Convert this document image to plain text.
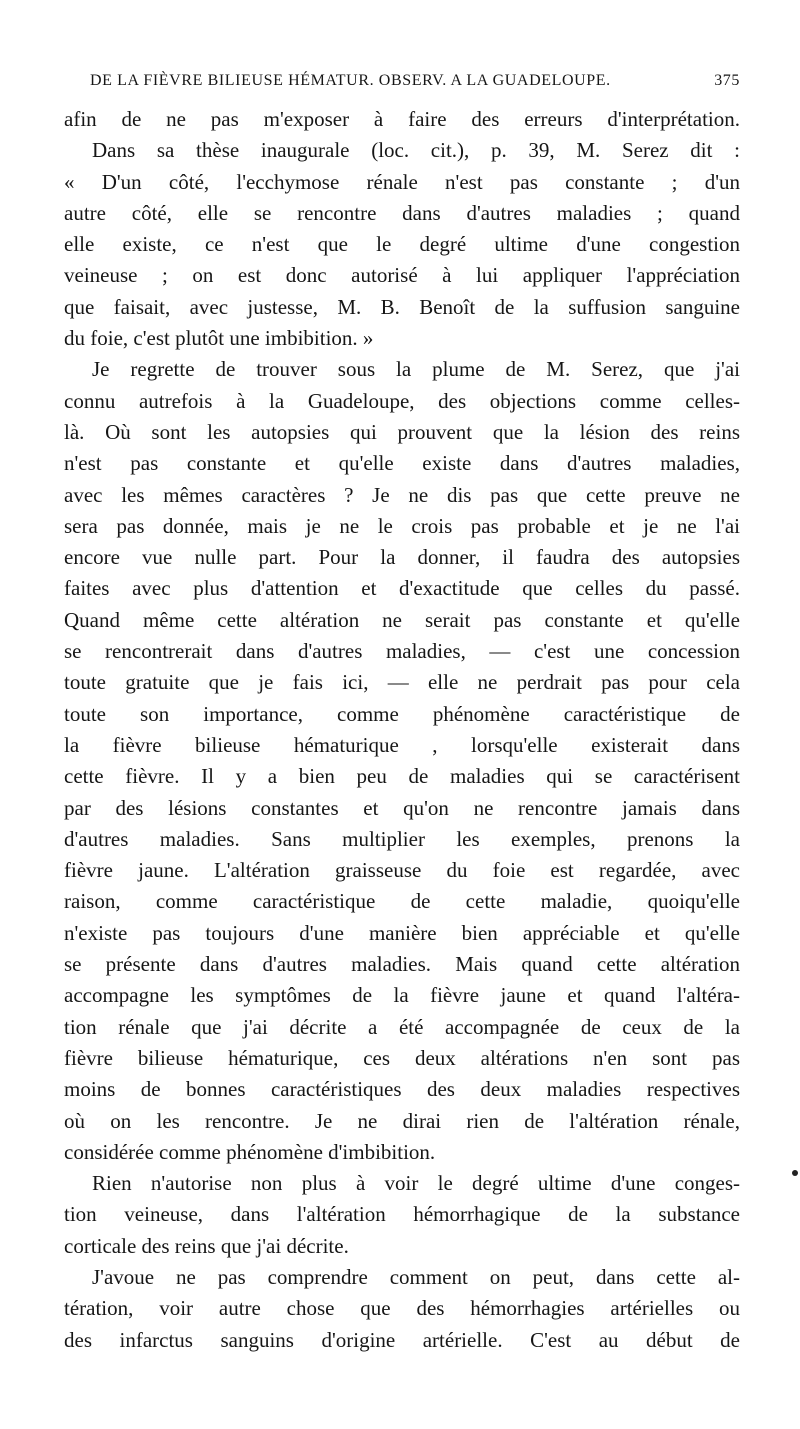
DE LA FIÈVRE BILIEUSE HÉMATUR. OBSERV. A LA GUADELOUPE.	375
afin de ne pas m'exposer à faire des erreurs d'interprétation.
Dans sa thèse inaugurale (loc. cit.), p. 39, M. Serez dit :
« D'un côté, l'ecchymose rénale n'est pas constante ; d'un
autre côté, elle se rencontre dans d'autres maladies ; quand
elle existe, ce n'est que le degré ultime d'une congestion
veineuse ; on est donc autorisé à lui appliquer l'appréciation
que faisait, avec justesse, M. B. Benoît de la suffusion sanguine
du foie, c'est plutôt une imbibition. »
Je regrette de trouver sous la plume de M. Serez, que j'ai
connu autrefois à la Guadeloupe, des objections comme celles-
là. Où sont les autopsies qui prouvent que la lésion des reins
n'est pas constante et qu'elle existe dans d'autres maladies,
avec les mêmes caractères ? Je ne dis pas que cette preuve ne
sera pas donnée, mais je ne le crois pas probable et je ne l'ai
encore vue nulle part. Pour la donner, il faudra des autopsies
faites avec plus d'attention et d'exactitude que celles du passé.
Quand même cette altération ne serait pas constante et qu'elle
se rencontrerait dans d'autres maladies, — c'est une concession
toute gratuite que je fais ici, — elle ne perdrait pas pour cela
toute son importance, comme phénomène caractéristique de
la fièvre bilieuse hématurique , lorsqu'elle existerait dans
cette fièvre. Il y a bien peu de maladies qui se caractérisent
par des lésions constantes et qu'on ne rencontre jamais dans
d'autres maladies. Sans multiplier les exemples, prenons la
fièvre jaune. L'altération graisseuse du foie est regardée, avec
raison, comme caractéristique de cette maladie, quoiqu'elle
n'existe pas toujours d'une manière bien appréciable et qu'elle
se présente dans d'autres maladies. Mais quand cette altération
accompagne les symptômes de la fièvre jaune et quand l'altéra-
tion rénale que j'ai décrite a été accompagnée de ceux de la
fièvre bilieuse hématurique, ces deux altérations n'en sont pas
moins de bonnes caractéristiques des deux maladies respectives
où on les rencontre. Je ne dirai rien de l'altération rénale,
considérée comme phénomène d'imbibition.
Rien n'autorise non plus à voir le degré ultime d'une conges-
tion veineuse, dans l'altération hémorrhagique de la substance
corticale des reins que j'ai décrite.
J'avoue ne pas comprendre comment on peut, dans cette al-
tération, voir autre chose que des hémorrhagies artérielles ou
des infarctus sanguins d'origine artérielle. C'est au début de
